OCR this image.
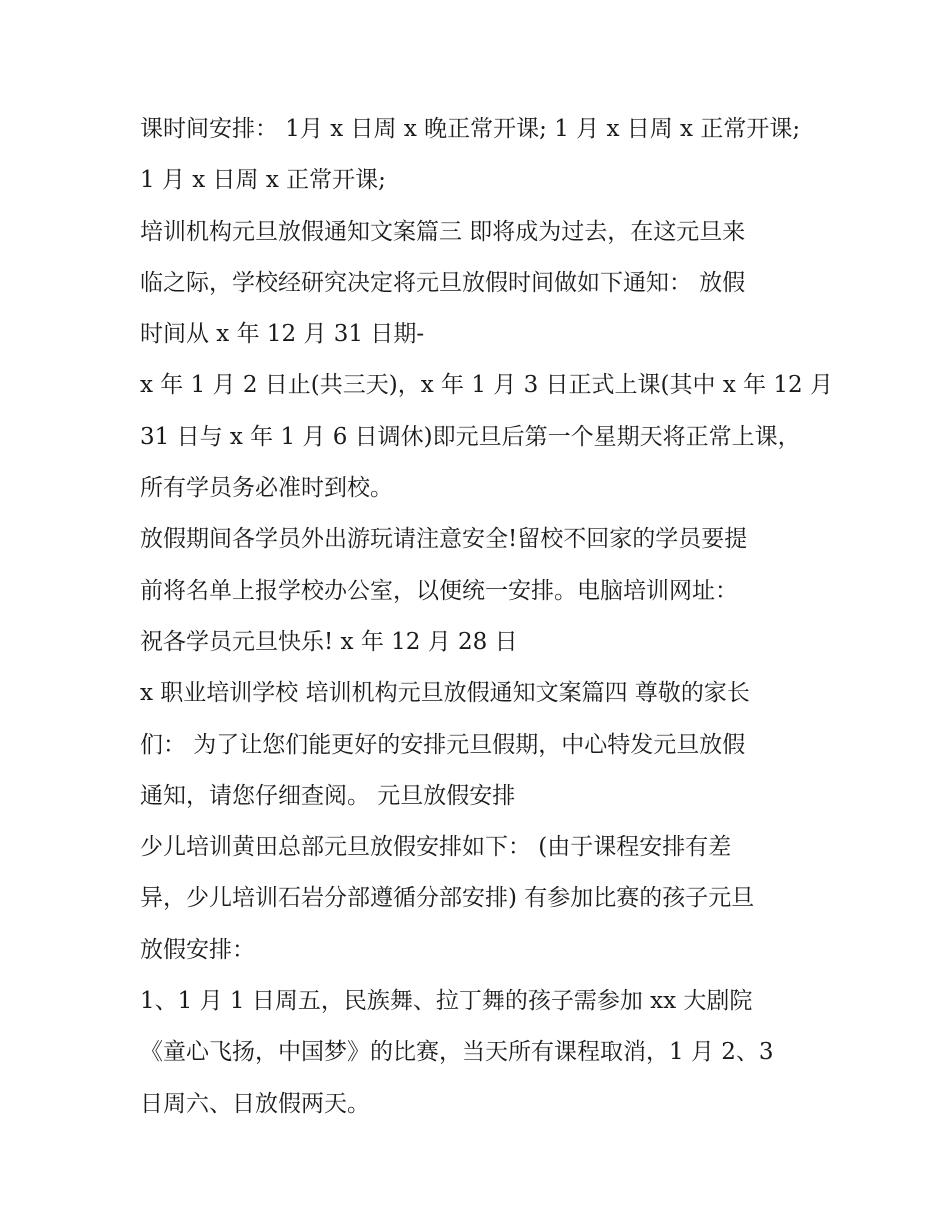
课时间安排： 1月 x 日周 x 晚正常开课; 1 月 x 日周 x 正常开课;
1 月 x 日周 x 正常开课;
培训机构元旦放假通知文案篇三 即将成为过去，在这元旦来
临之际，学校经研究决定将元旦放假时间做如下通知： 放假
时间从 x 年 12 月 31 日期-
x 年 1 月 2 日止(共三天)，x 年 1 月 3 日正式上课(其中 x 年 12 月
31 日与 x 年 1 月 6 日调休)即元旦后第一个星期天将正常上课，
所有学员务必准时到校。
放假期间各学员外出游玩请注意安全!留校不回家的学员要提
前将名单上报学校办公室，以便统一安排。电脑培训网址：
祝各学员元旦快乐! x 年 12 月 28 日
x 职业培训学校 培训机构元旦放假通知文案篇四 尊敬的家长
们： 为了让您们能更好的安排元旦假期，中心特发元旦放假
通知，请您仔细查阅。 元旦放假安排
少儿培训黄田总部元旦放假安排如下： (由于课程安排有差
异，少儿培训石岩分部遵循分部安排) 有参加比赛的孩子元旦
放假安排：
1、1 月 1 日周五，民族舞、拉丁舞的孩子需参加 xx 大剧院
《童心飞扬，中国梦》的比赛，当天所有课程取消，1 月 2、3
日周六、日放假两天。
